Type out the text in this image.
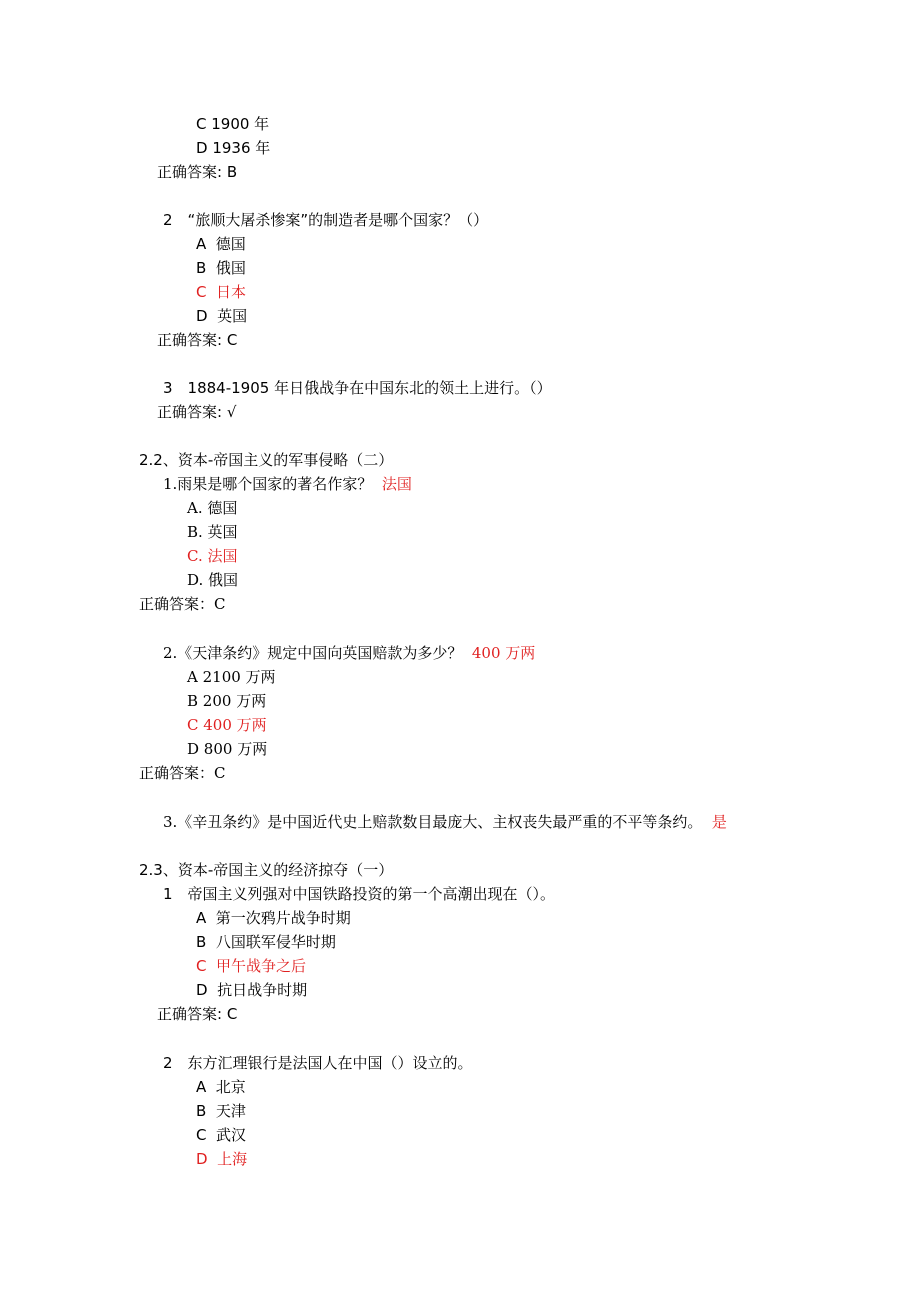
C 1900 年
D 1936 年
正确答案: B
2　“旅顺大屠杀惨案”的制造者是哪个国家？（）
A  德国
B  俄国
C  日本
D  英国
正确答案: C
3　1884-1905 年日俄战争在中国东北的领土上进行。（）
正确答案: √
2.2、资本-帝国主义的军事侵略（二）
1.雨果是哪个国家的著名作家？ 法国
A. 德国
B. 英国
C. 法国
D. 俄国
正确答案：C
2.《天津条约》规定中国向英国赔款为多少？ 400 万两
A 2100 万两
B 200 万两
C 400 万两
D 800 万两
正确答案：C
3.《辛丑条约》是中国近代史上赔款数目最庞大、主权丧失最严重的不平等条约。 是
2.3、资本-帝国主义的经济掠夺（一）
1　帝国主义列强对中国铁路投资的第一个高潮出现在（）。
A  第一次鸦片战争时期
B  八国联军侵华时期
C  甲午战争之后
D  抗日战争时期
正确答案: C
2　东方汇理银行是法国人在中国（）设立的。
A  北京
B  天津
C  武汉
D  上海
